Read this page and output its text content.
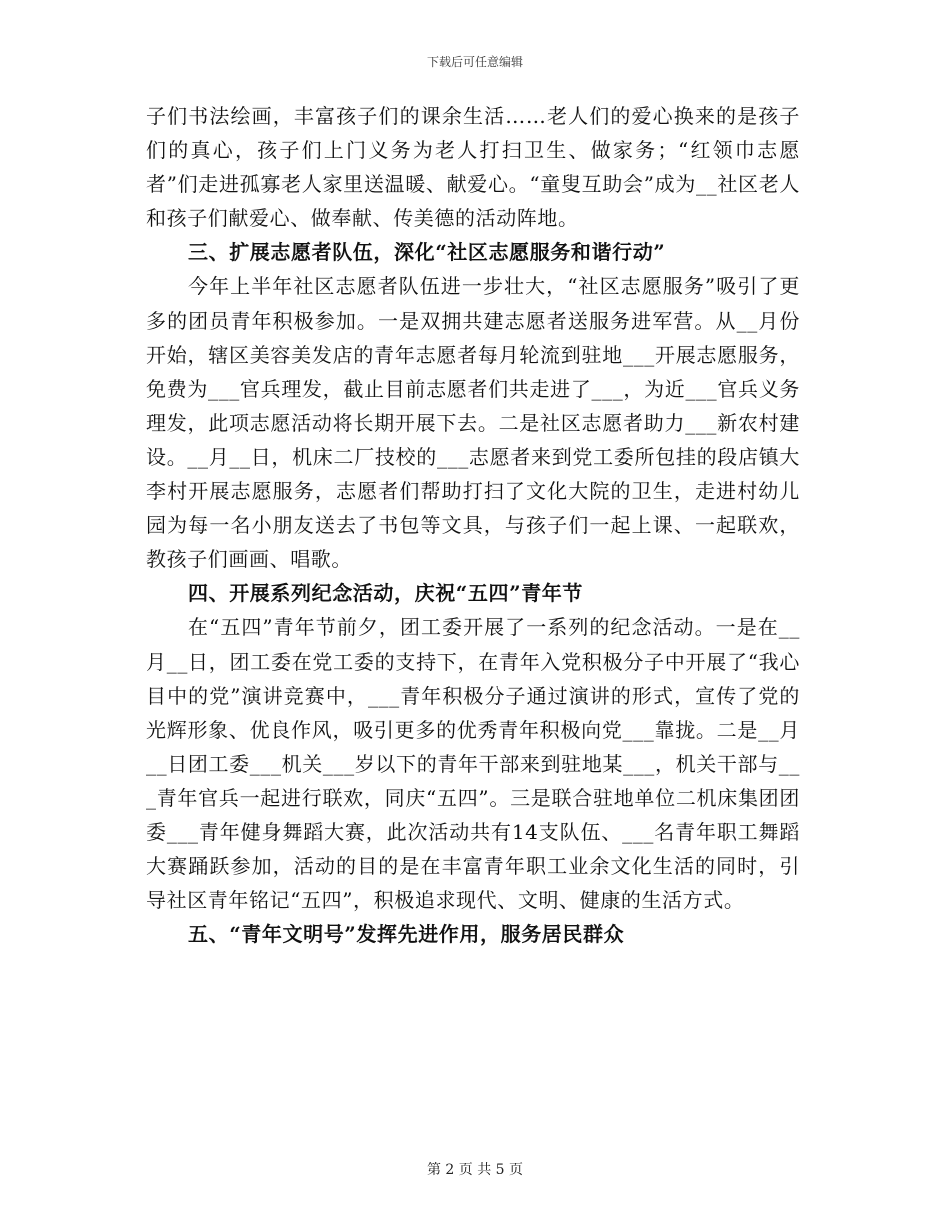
下载后可任意编辑

子们书法绘画，丰富孩子们的课余生活……老人们的爱心换来的是孩子们的真心，孩子们上门义务为老人打扫卫生、做家务；“红领巾志愿者”们走进孤寡老人家里送温暖、献爱心。“童叟互助会”成为__社区老人和孩子们献爱心、做奉献、传美德的活动阵地。

三、扩展志愿者队伍，深化“社区志愿服务和谐行动”

今年上半年社区志愿者队伍进一步壮大，“社区志愿服务”吸引了更多的团员青年积极参加。一是双拥共建志愿者送服务进军营。从__月份开始，辖区美容美发店的青年志愿者每月轮流到驻地___开展志愿服务，免费为___官兵理发，截止目前志愿者们共走进了___，为近___官兵义务理发，此项志愿活动将长期开展下去。二是社区志愿者助力___新农村建设。__月__日，机床二厂技校的___志愿者来到党工委所包挂的段店镇大李村开展志愿服务，志愿者们帮助打扫了文化大院的卫生，走进村幼儿园为每一名小朋友送去了书包等文具，与孩子们一起上课、一起联欢，教孩子们画画、唱歌。

四、开展系列纪念活动，庆祝“五四”青年节

在“五四”青年节前夕，团工委开展了一系列的纪念活动。一是在__月__日，团工委在党工委的支持下，在青年入党积极分子中开展了“我心目中的党”演讲竞赛中，___青年积极分子通过演讲的形式，宣传了党的光辉形象、优良作风，吸引更多的优秀青年积极向党___靠拢。二是__月__日团工委___机关___岁以下的青年干部来到驻地某___，机关干部与___青年官兵一起进行联欢，同庆“五四”。三是联合驻地单位二机床集团团委___青年健身舞蹈大赛，此次活动共有14支队伍、___名青年职工舞蹈大赛踊跃参加，活动的目的是在丰富青年职工业余文化生活的同时，引导社区青年铭记“五四”，积极追求现代、文明、健康的生活方式。

五、“青年文明号”发挥先进作用，服务居民群众

第 2 页 共 5 页
